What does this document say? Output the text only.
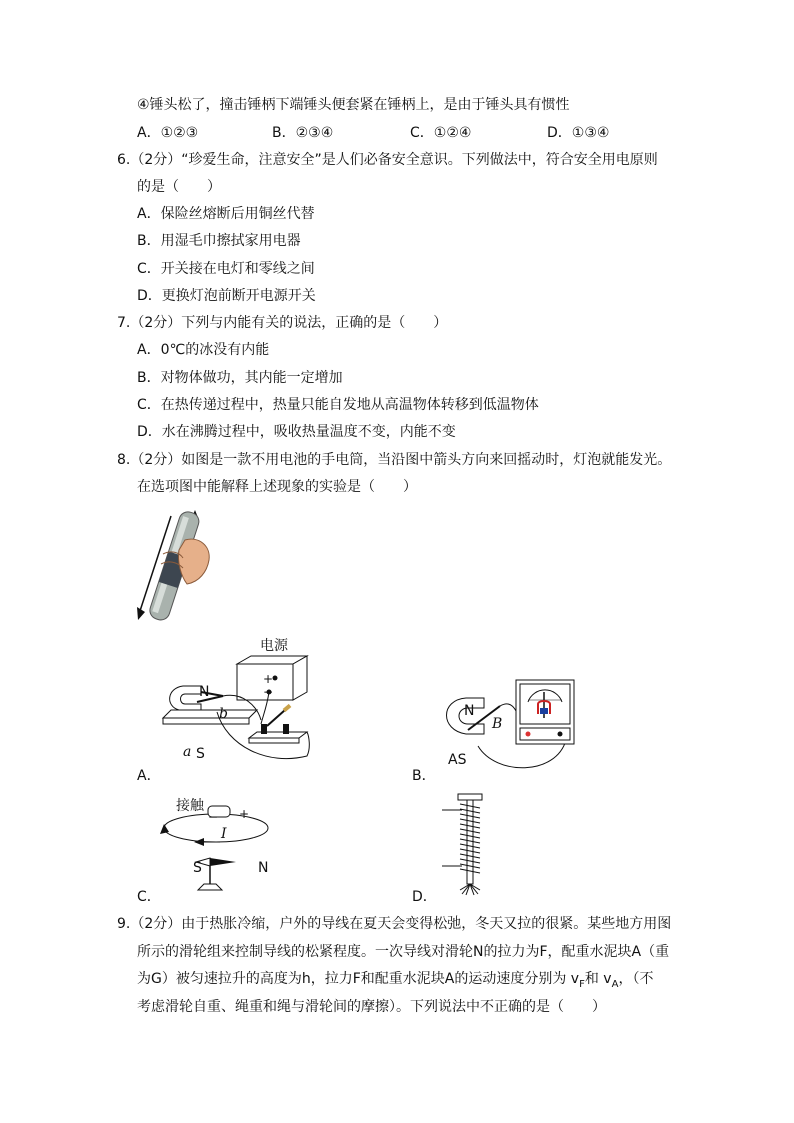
④锤头松了，撞击锤柄下端锤头便套紧在锤柄上，是由于锤头具有惯性
A．①②③	B．②③④	C．①②④	D．①③④
6.（2分）“珍爱生命，注意安全”是人们必备安全意识。下列做法中，符合安全用电原则
的是（　　）
A．保险丝熔断后用铜丝代替
B．用湿毛巾擦拭家用电器
C．开关接在电灯和零线之间
D．更换灯泡前断开电源开关
7.（2分）下列与内能有关的说法，正确的是（　　）
A．0℃的冰没有内能
B．对物体做功，其内能一定增加
C．在热传递过程中，热量只能自发地从高温物体转移到低温物体
D．水在沸腾过程中，吸收热量温度不变，内能不变
8.（2分）如图是一款不用电池的手电筒，当沿图中箭头方向来回摇动时，灯泡就能发光。
在选项图中能解释上述现象的实验是（　　）
电源
+
−
N
b
a S
A．
N
B
AS
B．
接触
− +
I
S	N
C．	D．
9.（2分）由于热胀冷缩，户外的导线在夏天会变得松弛，冬天又拉的很紧。某些地方用图
所示的滑轮组来控制导线的松紧程度。一次导线对滑轮N的拉力为F，配重水泥块A（重
为G）被匀速拉升的高度为h，拉力F和配重水泥块A的运动速度分别为 $v_F$和 $v_A$，（不
考虑滑轮自重、绳重和绳与滑轮间的摩擦）。下列说法中不正确的是（　　）
